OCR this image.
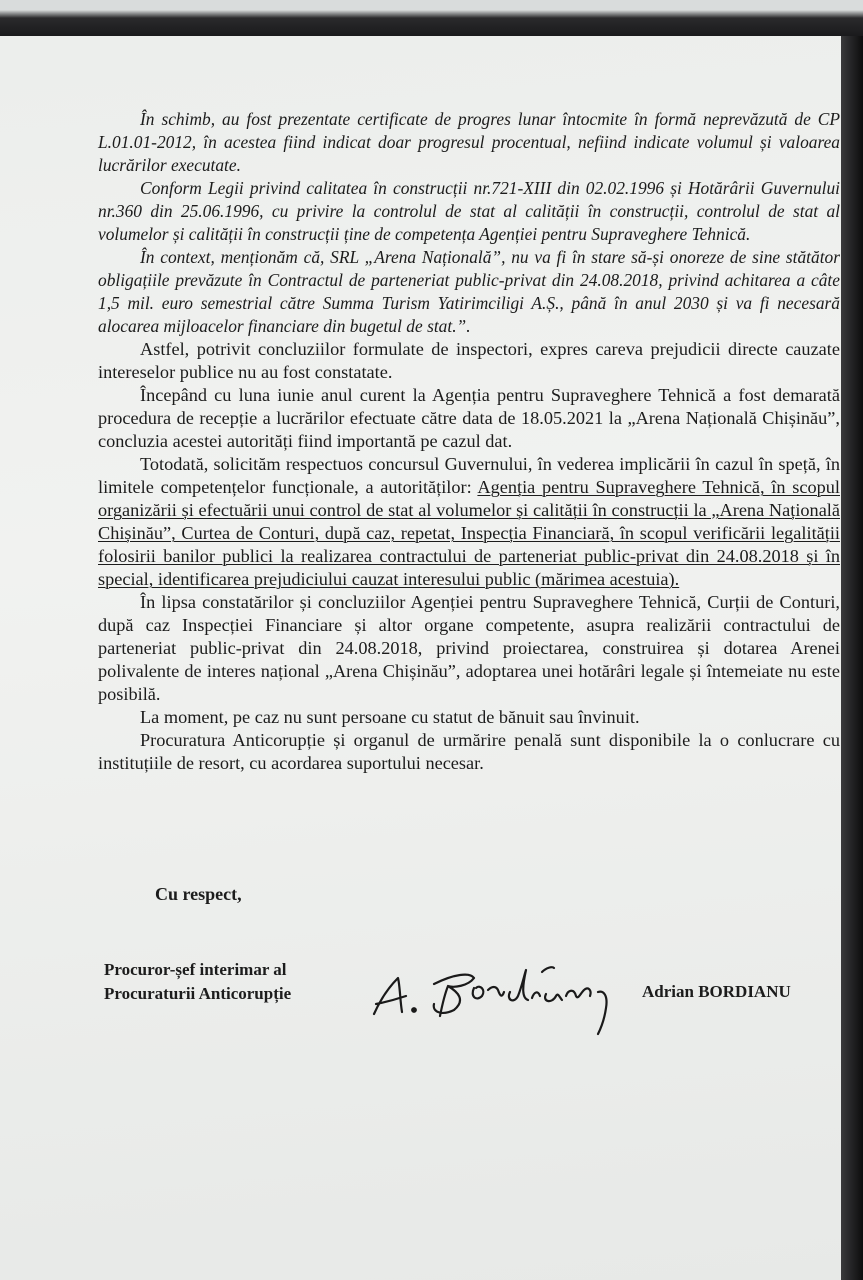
În schimb, au fost prezentate certificate de progres lunar întocmite în formă neprevăzută de CP L.01.01-2012, în acestea fiind indicat doar progresul procentual, nefiind indicate volumul și valoarea lucrărilor executate.

Conform Legii privind calitatea în construcții nr.721-XIII din 02.02.1996 și Hotărârii Guvernului nr.360 din 25.06.1996, cu privire la controlul de stat al calității în construcții, controlul de stat al volumelor și calității în construcții ține de competența Agenției pentru Supraveghere Tehnică.

În context, menționăm că, SRL „Arena Națională”, nu va fi în stare să-și onoreze de sine stătător obligațiile prevăzute în Contractul de parteneriat public-privat din 24.08.2018, privind achitarea a câte 1,5 mil. euro semestrial către Summa Turism Yatirimciligi A.Ș., până în anul 2030 și va fi necesară alocarea mijloacelor financiare din bugetul de stat.”.

Astfel, potrivit concluziilor formulate de inspectori, expres careva prejudicii directe cauzate intereselor publice nu au fost constatate.

Începând cu luna iunie anul curent la Agenția pentru Supraveghere Tehnică a fost demarată procedura de recepție a lucrărilor efectuate către data de 18.05.2021 la „Arena Națională Chișinău”, concluzia acestei autorități fiind importantă pe cazul dat.

Totodată, solicităm respectuos concursul Guvernului, în vederea implicării în cazul în speță, în limitele competențelor funcționale, a autorităților: Agenția pentru Supraveghere Tehnică, în scopul organizării și efectuării unui control de stat al volumelor și calității în construcții la „Arena Națională Chișinău”, Curtea de Conturi, după caz, repetat, Inspecția Financiară, în scopul verificării legalității folosirii banilor publici la realizarea contractului de parteneriat public-privat din 24.08.2018 și în special, identificarea prejudiciului cauzat interesului public (mărimea acestuia).

În lipsa constatărilor și concluziilor Agenției pentru Supraveghere Tehnică, Curții de Conturi, după caz Inspecției Financiare și altor organe competente, asupra realizării contractului de parteneriat public-privat din 24.08.2018, privind proiectarea, construirea și dotarea Arenei polivalente de interes național „Arena Chișinău”, adoptarea unei hotărâri legale și întemeiate nu este posibilă.

La moment, pe caz nu sunt persoane cu statut de bănuit sau învinuit.

Procuratura Anticorupție și organul de urmărire penală sunt disponibile la o conlucrare cu instituțiile de resort, cu acordarea suportului necesar.

Cu respect,
Procuror-șef interimar al
Procuraturii Anticorupție	Adrian BORDIANU
